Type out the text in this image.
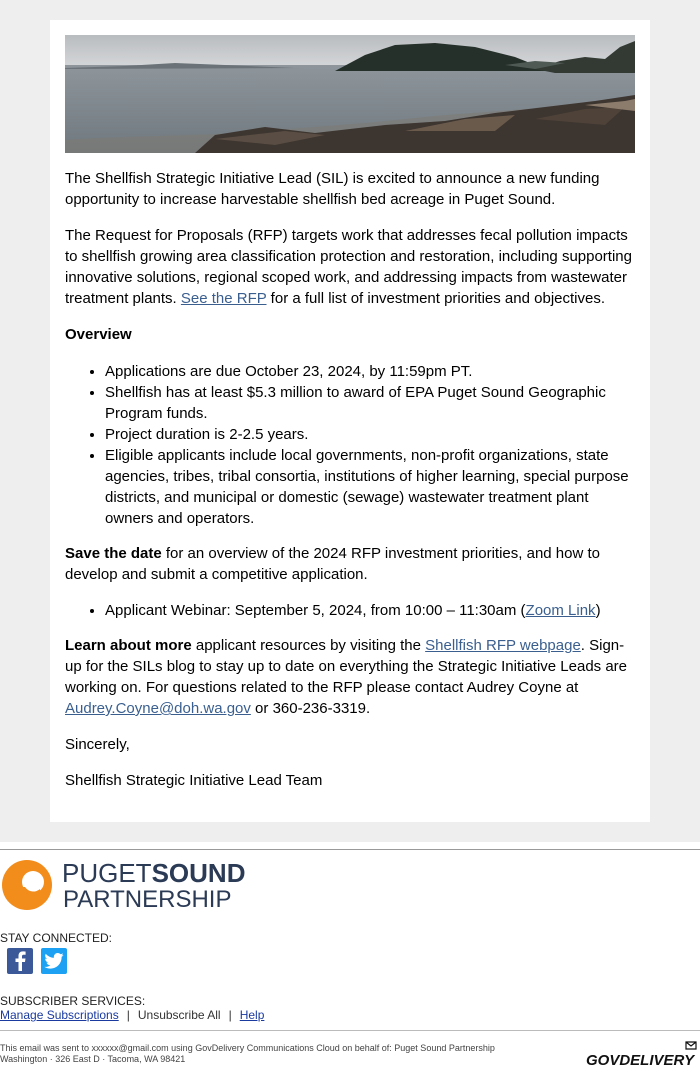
The Shellfish Strategic Initiative Lead (SIL) is excited to announce a new funding opportunity to increase harvestable shellfish bed acreage in Puget Sound.

The Request for Proposals (RFP) targets work that addresses fecal pollution impacts to shellfish growing area classification protection and restoration, including supporting innovative solutions, regional scoped work, and addressing impacts from wastewater treatment plants. See the RFP for a full list of investment priorities and objectives.

Overview

• Applications are due October 23, 2024, by 11:59pm PT.
• Shellfish has at least $5.3 million to award of EPA Puget Sound Geographic Program funds.
• Project duration is 2-2.5 years.
• Eligible applicants include local governments, non-profit organizations, state agencies, tribes, tribal consortia, institutions of higher learning, special purpose districts, and municipal or domestic (sewage) wastewater treatment plant owners and operators.

Save the date for an overview of the 2024 RFP investment priorities, and how to develop and submit a competitive application.

• Applicant Webinar: September 5, 2024, from 10:00 – 11:30am (Zoom Link)

Learn about more applicant resources by visiting the Shellfish RFP webpage. Sign-up for the SILs blog to stay up to date on everything the Strategic Initiative Leads are working on. For questions related to the RFP please contact Audrey Coyne at Audrey.Coyne@doh.wa.gov or 360-236-3319.

Sincerely,

Shellfish Strategic Initiative Lead Team

PUGETSOUND
PARTNERSHIP
STAY CONNECTED:
SUBSCRIBER SERVICES:
Manage Subscriptions | Unsubscribe All | Help
This email was sent to xxxxxx@gmail.com using GovDelivery Communications Cloud on behalf of: Puget Sound Partnership
Washington · 326 East D · Tacoma, WA 98421	GOVDELIVERY
